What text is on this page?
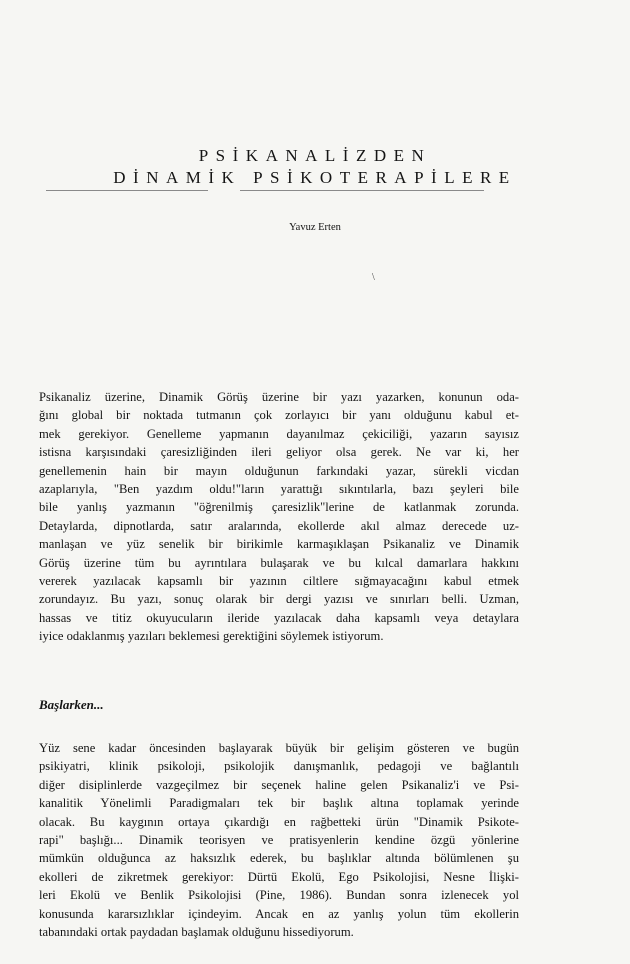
PSİKANALİZDEN
DİNAMİK PSİKOTERAPİLERE
Yavuz Erten
\
Psikanaliz üzerine, Dinamik Görüş üzerine bir yazı yazarken, konunun oda-
ğını global bir noktada tutmanın çok zorlayıcı bir yanı olduğunu kabul et-
mek gerekiyor. Genelleme yapmanın dayanılmaz çekiciliği, yazarın sayısız
istisna karşısındaki çaresizliğinden ileri geliyor olsa gerek. Ne var ki, her
genellemenin hain bir mayın olduğunun farkındaki yazar, sürekli vicdan
azaplarıyla, "Ben yazdım oldu!"ların yarattığı sıkıntılarla, bazı şeyleri bile
bile yanlış yazmanın "öğrenilmiş çaresizlik"lerine de katlanmak zorunda.
Detaylarda, dipnotlarda, satır aralarında, ekollerde akıl almaz derecede uz-
manlaşan ve yüz senelik bir birikimle karmaşıklaşan Psikanaliz ve Dinamik
Görüş üzerine tüm bu ayrıntılara bulaşarak ve bu kılcal damarlara hakkını
vererek yazılacak kapsamlı bir yazının ciltlere sığmayacağını kabul etmek
zorundayız. Bu yazı, sonuç olarak bir dergi yazısı ve sınırları belli. Uzman,
hassas ve titiz okuyucuların ileride yazılacak daha kapsamlı veya detaylara
iyice odaklanmış yazıları beklemesi gerektiğini söylemek istiyorum.
Başlarken...
Yüz sene kadar öncesinden başlayarak büyük bir gelişim gösteren ve bugün
psikiyatri, klinik psikoloji, psikolojik danışmanlık, pedagoji ve bağlantılı
diğer disiplinlerde vazgeçilmez bir seçenek haline gelen Psikanaliz'i ve Psi-
kanalitik Yönelimli Paradigmaları tek bir başlık altına toplamak yerinde
olacak. Bu kaygının ortaya çıkardığı en rağbetteki ürün "Dinamik Psikote-
rapi" başlığı... Dinamik teorisyen ve pratisyenlerin kendine özgü yönlerine
mümkün olduğunca az haksızlık ederek, bu başlıklar altında bölümlenen şu
ekolleri de zikretmek gerekiyor: Dürtü Ekolü, Ego Psikolojisi, Nesne İlişki-
leri Ekolü ve Benlik Psikolojisi (Pine, 1986). Bundan sonra izlenecek yol
konusunda kararsızlıklar içindeyim. Ancak en az yanlış yolun tüm ekollerin
tabanındaki ortak paydadan başlamak olduğunu hissediyorum.
